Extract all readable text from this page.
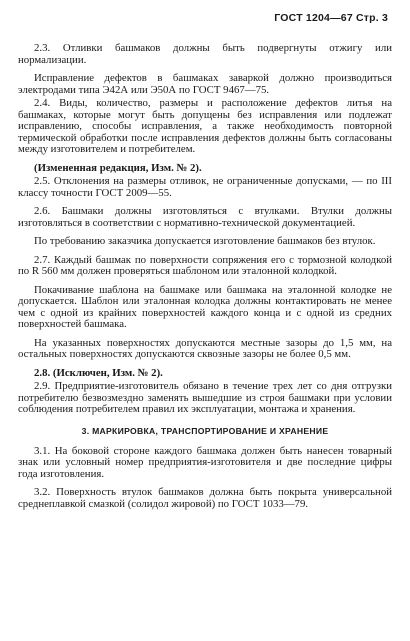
ГОСТ 1204—67 Стр. 3

2.3. Отливки башмаков должны быть подвергнуты отжигу или нормализации.

Исправление дефектов в башмаках заваркой должно производиться электродами типа Э42А или Э50А по ГОСТ 9467—75.

2.4. Виды, количество, размеры и расположение дефектов литья на башмаках, которые могут быть допущены без исправления или подлежат исправлению, способы исправления, а также необходимость повторной термической обработки после исправления дефектов должны быть согласованы между изготовителем и потребителем.

(Измененная редакция, Изм. № 2).

2.5. Отклонения на размеры отливок, не ограниченные допусками, — по III классу точности ГОСТ 2009—55.

2.6. Башмаки должны изготовляться с втулками. Втулки должны изготовляться в соответствии с нормативно-технической документацией.

По требованию заказчика допускается изготовление башмаков без втулок.

2.7. Каждый башмак по поверхности сопряжения его с тормозной колодкой по R 560 мм должен проверяться шаблоном или эталонной колодкой.

Покачивание шаблона на башмаке или башмака на эталонной колодке не допускается. Шаблон или эталонная колодка должны контактировать не менее чем с одной из крайних поверхностей каждого конца и с одной из средних поверхностей башмака.

На указанных поверхностях допускаются местные зазоры до 1,5 мм, на остальных поверхностях допускаются сквозные зазоры не более 0,5 мм.

2.8. (Исключен, Изм. № 2).

2.9. Предприятие-изготовитель обязано в течение трех лет со дня отгрузки потребителю безвозмездно заменять вышедшие из строя башмаки при условии соблюдения потребителем правил их эксплуатации, монтажа и хранения.

3. МАРКИРОВКА, ТРАНСПОРТИРОВАНИЕ И ХРАНЕНИЕ

3.1. На боковой стороне каждого башмака должен быть нанесен товарный знак или условный номер предприятия-изготовителя и две последние цифры года изготовления.

3.2. Поверхность втулок башмаков должна быть покрыта универсальной среднеплавкой смазкой (солидол жировой) по ГОСТ 1033—79.
